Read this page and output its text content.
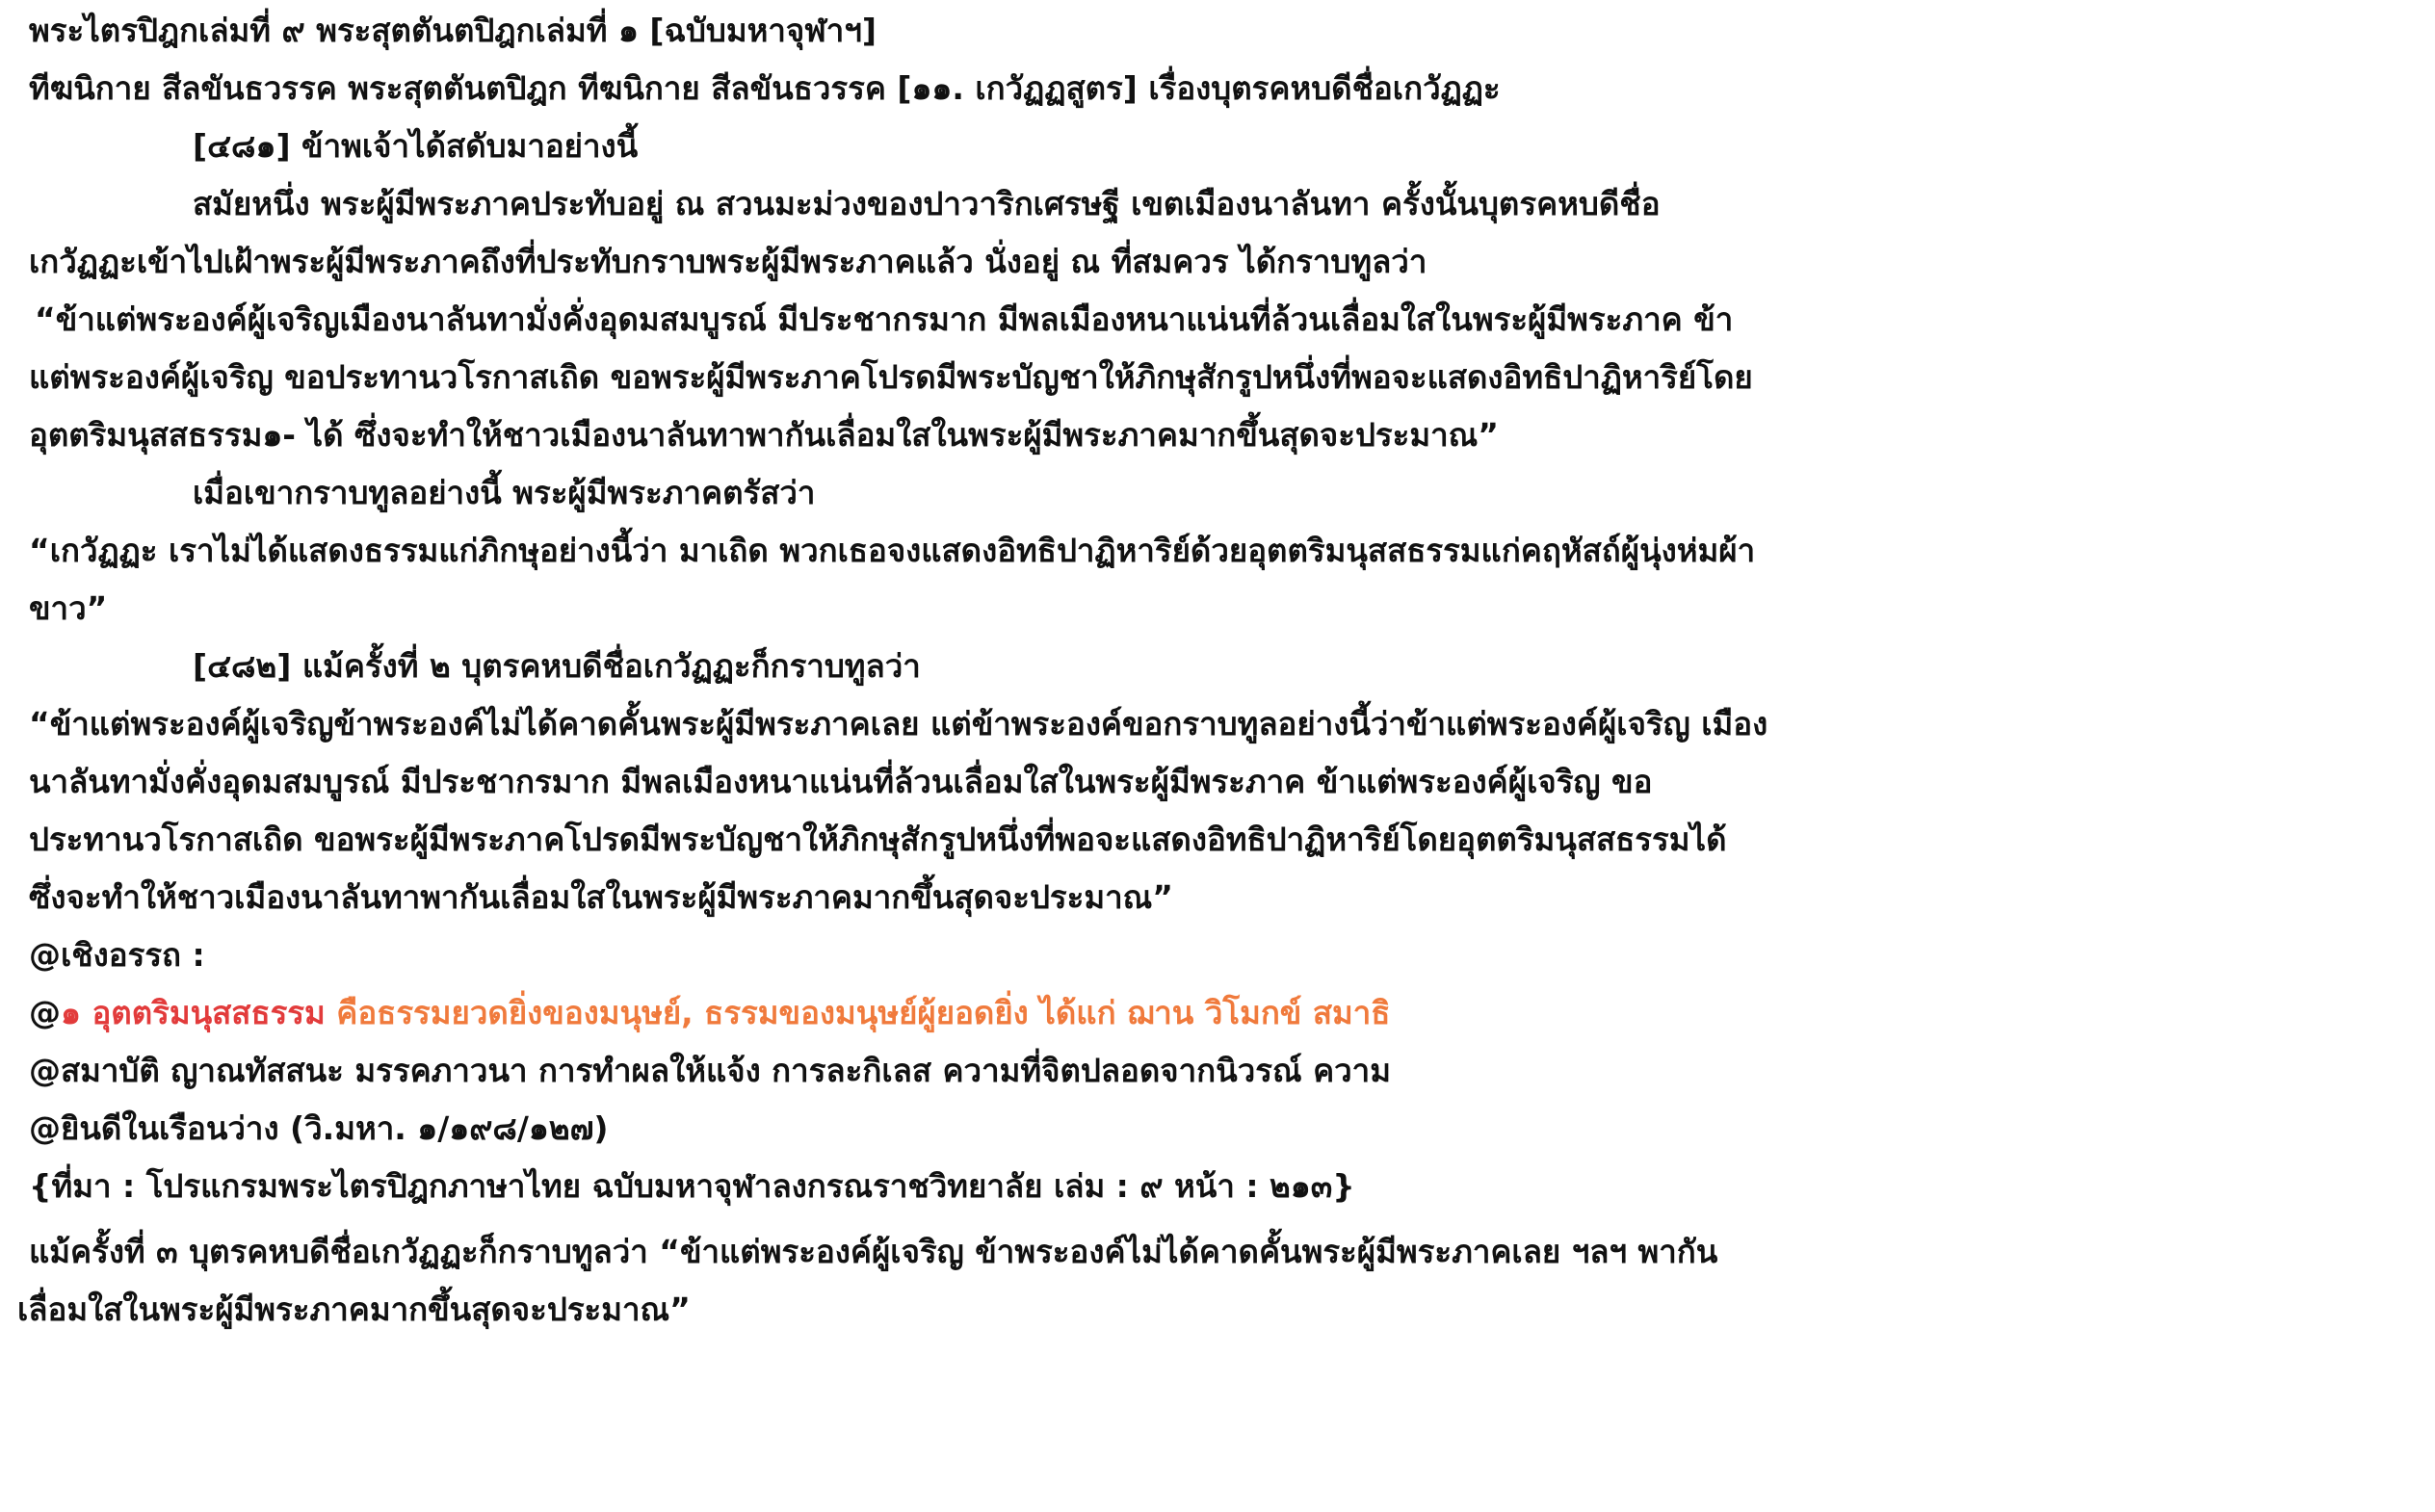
พระไตรปิฎกเล่มที่ ๙ พระสุตตันตปิฎกเล่มที่ ๑ [ฉบับมหาจุฬาฯ]
ทีฆนิกาย สีลขันธวรรค พระสุตตันตปิฎก ทีฆนิกาย สีลขันธวรรค [๑๑. เกวัฏฏสูตร] เรื่องบุตรคหบดีชื่อเกวัฏฏะ
[๔๘๑] ข้าพเจ้าได้สดับมาอย่างนี้
สมัยหนึ่ง พระผู้มีพระภาคประทับอยู่ ณ สวนมะม่วงของปาวาริกเศรษฐี เขตเมืองนาลันทา ครั้งนั้นบุตรคหบดีชื่อ
เกวัฏฏะเข้าไปเฝ้าพระผู้มีพระภาคถึงที่ประทับกราบพระผู้มีพระภาคแล้ว นั่งอยู่ ณ ที่สมควร ได้กราบทูลว่า
“ข้าแต่พระองค์ผู้เจริญเมืองนาลันทามั่งคั่งอุดมสมบูรณ์ มีประชากรมาก มีพลเมืองหนาแน่นที่ล้วนเลื่อมใสในพระผู้มีพระภาค ข้า
แต่พระองค์ผู้เจริญ ขอประทานวโรกาสเถิด ขอพระผู้มีพระภาคโปรดมีพระบัญชาให้ภิกษุสักรูปหนึ่งที่พอจะแสดงอิทธิปาฏิหาริย์โดย
อุตตริมนุสสธรรม๑- ได้ ซึ่งจะทำให้ชาวเมืองนาลันทาพากันเลื่อมใสในพระผู้มีพระภาคมากขึ้นสุดจะประมาณ”
เมื่อเขากราบทูลอย่างนี้ พระผู้มีพระภาคตรัสว่า
“เกวัฏฏะ เราไม่ได้แสดงธรรมแก่ภิกษุอย่างนี้ว่า มาเถิด พวกเธอจงแสดงอิทธิปาฏิหาริย์ด้วยอุตตริมนุสสธรรมแก่คฤหัสถ์ผู้นุ่งห่มผ้า
ขาว”
[๔๘๒] แม้ครั้งที่ ๒ บุตรคหบดีชื่อเกวัฏฏะก็กราบทูลว่า
“ข้าแต่พระองค์ผู้เจริญข้าพระองค์ไม่ได้คาดคั้นพระผู้มีพระภาคเลย แต่ข้าพระองค์ขอกราบทูลอย่างนี้ว่าข้าแต่พระองค์ผู้เจริญ เมือง
นาลันทามั่งคั่งอุดมสมบูรณ์ มีประชากรมาก มีพลเมืองหนาแน่นที่ล้วนเลื่อมใสในพระผู้มีพระภาค ข้าแต่พระองค์ผู้เจริญ ขอ
ประทานวโรกาสเถิด ขอพระผู้มีพระภาคโปรดมีพระบัญชาให้ภิกษุสักรูปหนึ่งที่พอจะแสดงอิทธิปาฏิหาริย์โดยอุตตริมนุสสธรรมได้
ซึ่งจะทำให้ชาวเมืองนาลันทาพากันเลื่อมใสในพระผู้มีพระภาคมากขึ้นสุดจะประมาณ”
@เชิงอรรถ :
@๑ อุตตริมนุสสธรรม คือธรรมยวดยิ่งของมนุษย์, ธรรมของมนุษย์ผู้ยอดยิ่ง ได้แก่ ฌาน วิโมกข์ สมาธิ
@สมาบัติ ญาณทัสสนะ มรรคภาวนา การทำผลให้แจ้ง การละกิเลส ความที่จิตปลอดจากนิวรณ์ ความ
@ยินดีในเรือนว่าง (วิ.มหา. ๑/๑๙๘/๑๒๗)
{ที่มา : โปรแกรมพระไตรปิฎกภาษาไทย ฉบับมหาจุฬาลงกรณราชวิทยาลัย เล่ม : ๙ หน้า : ๒๑๓}
แม้ครั้งที่ ๓ บุตรคหบดีชื่อเกวัฏฏะก็กราบทูลว่า “ข้าแต่พระองค์ผู้เจริญ ข้าพระองค์ไม่ได้คาดคั้นพระผู้มีพระภาคเลย ฯลฯ พากัน
เลื่อมใสในพระผู้มีพระภาคมากขึ้นสุดจะประมาณ”
